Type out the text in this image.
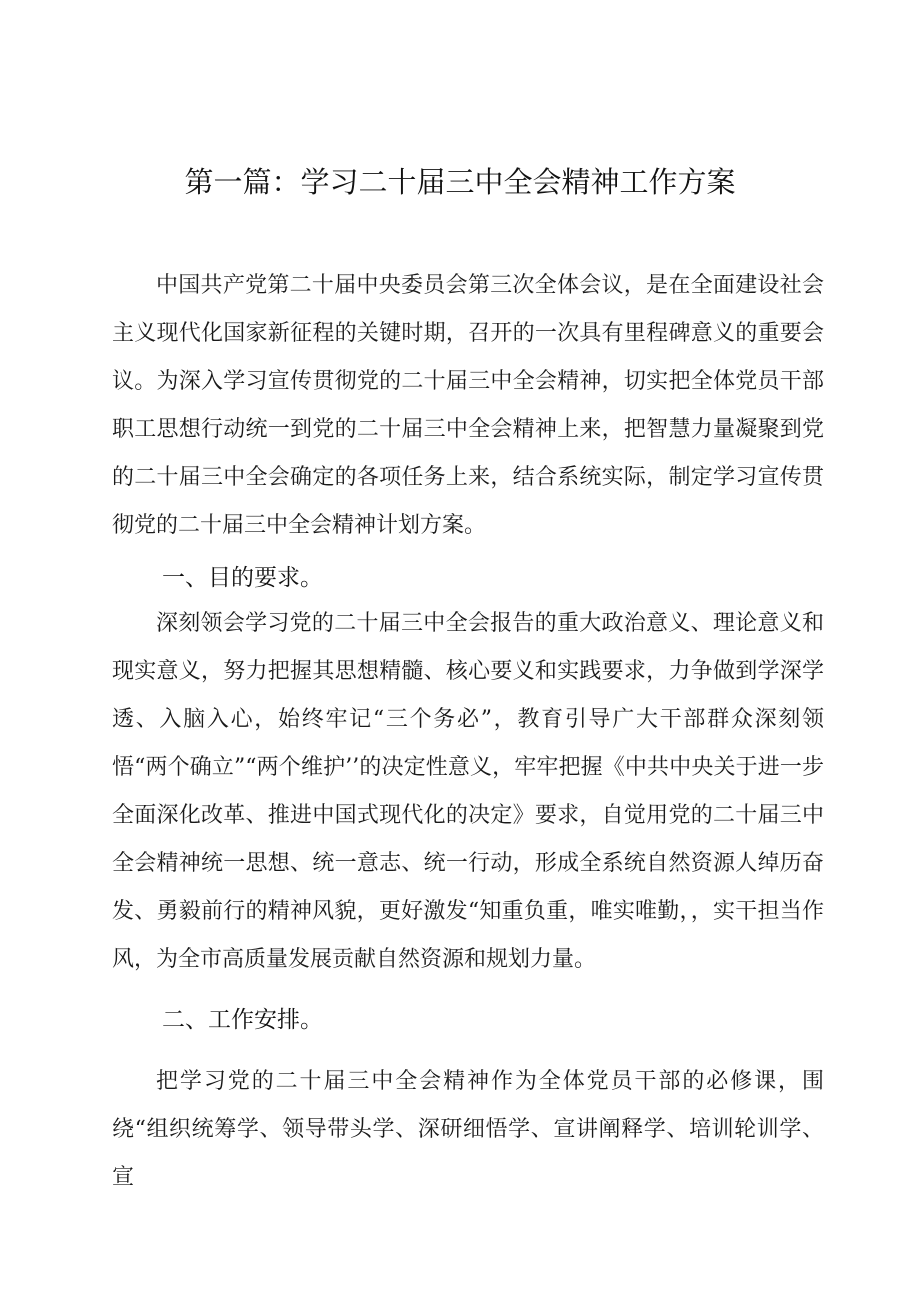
第一篇：学习二十届三中全会精神工作方案

中国共产党第二十届中央委员会第三次全体会议，是在全面建设社会主义现代化国家新征程的关键时期，召开的一次具有里程碑意义的重要会议。为深入学习宣传贯彻党的二十届三中全会精神，切实把全体党员干部职工思想行动统一到党的二十届三中全会精神上来，把智慧力量凝聚到党的二十届三中全会确定的各项任务上来，结合系统实际，制定学习宣传贯彻党的二十届三中全会精神计划方案。

一、目的要求。

深刻领会学习党的二十届三中全会报告的重大政治意义、理论意义和现实意义，努力把握其思想精髓、核心要义和实践要求，力争做到学深学透、入脑入心，始终牢记“三个务必”，教育引导广大干部群众深刻领悟“两个确立”“两个维护’’的决定性意义，牢牢把握《中共中央关于进一步全面深化改革、推进中国式现代化的决定》要求，自觉用党的二十届三中全会精神统一思想、统一意志、统一行动，形成全系统自然资源人绰历奋发、勇毅前行的精神风貌，更好激发“知重负重，唯实唯勤，，实干担当作风，为全市高质量发展贡献自然资源和规划力量。

二、工作安排。

把学习党的二十届三中全会精神作为全体党员干部的必修课，围绕“组织统筹学、领导带头学、深研细悟学、宣讲阐释学、培训轮训学、宣
